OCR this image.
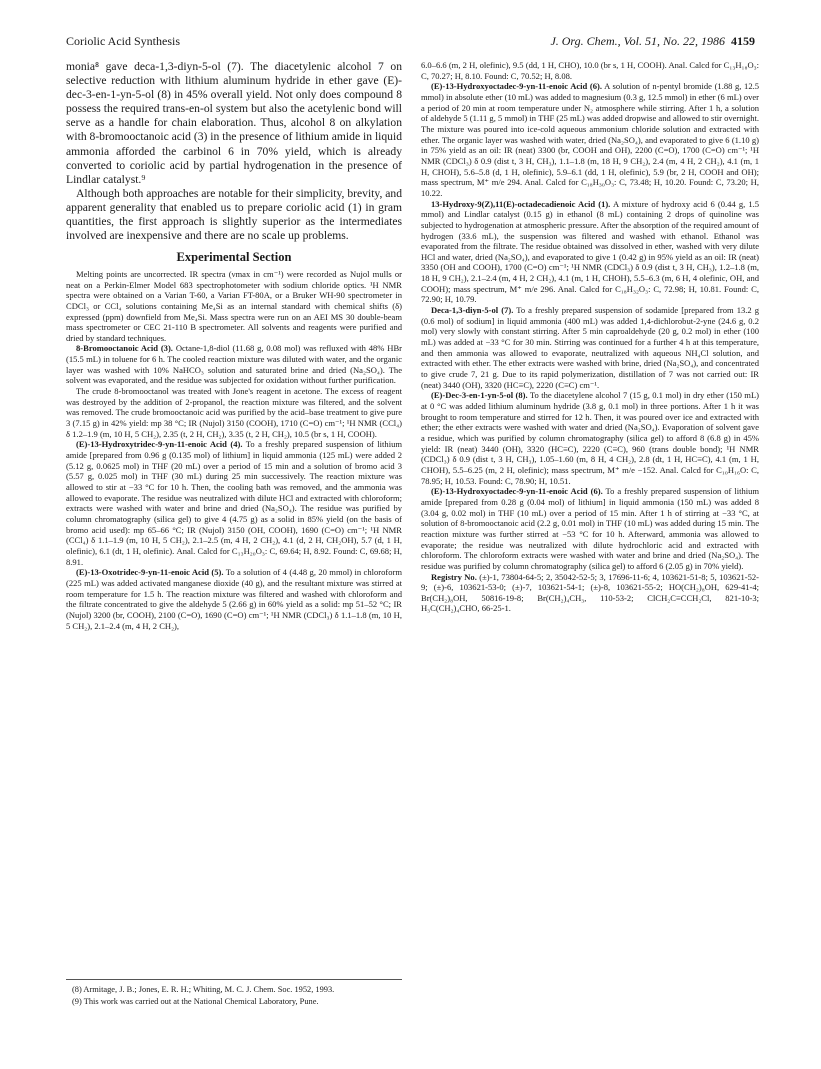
Coriolic Acid Synthesis	J. Org. Chem., Vol. 51, No. 22, 1986 4159

monia⁸ gave deca-1,3-diyn-5-ol (7). The diacetylenic alcohol 7 on selective reduction with lithium aluminum hydride in ether gave (E)-dec-3-en-1-yn-5-ol (8) in 45% overall yield. Not only does compound 8 possess the required trans-en-ol system but also the acetylenic bond will serve as a handle for chain elaboration. Thus, alcohol 8 on alkylation with 8-bromooctanoic acid (3) in the presence of lithium amide in liquid ammonia afforded the carbinol 6 in 70% yield, which is already converted to coriolic acid by partial hydrogenation in the presence of Lindlar catalyst.⁹

Although both approaches are notable for their simplicity, brevity, and apparent generality that enabled us to prepare coriolic acid (1) in gram quantities, the first approach is slightly superior as the intermediates involved are inexpensive and there are no scale up problems.

Experimental Section

Melting points are uncorrected. IR spectra (νmax in cm⁻¹) were recorded as Nujol mulls or neat on a Perkin-Elmer Model 683 spectrophotometer with sodium chloride optics. ¹H NMR spectra were obtained on a Varian T-60, a Varian FT-80A, or a Bruker WH-90 spectrometer in CDCl₃ or CCl₄ solutions containing Me₄Si as an internal standard with chemical shifts (δ) expressed (ppm) downfield from Me₄Si. Mass spectra were run on an AEI MS 30 double-beam mass spectrometer or CEC 21-110 B spectrometer. All solvents and reagents were purified and dried by standard techniques.

8-Bromooctanoic Acid (3). Octane-1,8-diol (11.68 g, 0.08 mol) was refluxed with 48% HBr (15.5 mL) in toluene for 6 h. The cooled reaction mixture was diluted with water, and the organic layer was washed with 10% NaHCO₃ solution and saturated brine and dried (Na₂SO₄). The solvent was evaporated, and the residue was subjected for oxidation without further purification.

The crude 8-bromooctanol was treated with Jone's reagent in acetone. The excess of reagent was destroyed by the addition of 2-propanol, the reaction mixture was filtered, and the solvent was removed. The crude bromooctanoic acid was purified by the acid–base treatment to give pure 3 (7.15 g) in 42% yield: mp 38 °C; IR (Nujol) 3150 (COOH), 1710 (C=O) cm⁻¹; ¹H NMR (CCl₄) δ 1.2–1.9 (m, 10 H, 5 CH₂), 2.35 (t, 2 H, CH₂), 3.35 (t, 2 H, CH₂), 10.5 (br s, 1 H, COOH).

(E)-13-Hydroxytridec-9-yn-11-enoic Acid (4). To a freshly prepared suspension of lithium amide [prepared from 0.96 g (0.135 mol) of lithium] in liquid ammonia (125 mL) were added 2 (5.12 g, 0.0625 mol) in THF (20 mL) over a period of 15 min and a solution of bromo acid 3 (5.57 g, 0.025 mol) in THF (30 mL) during 25 min successively. The reaction mixture was allowed to stir at −33 °C for 10 h. Then, the cooling bath was removed, and the ammonia was allowed to evaporate. The residue was neutralized with dilute HCl and extracted with chloroform; extracts were washed with water and brine and dried (Na₂SO₄). The residue was purified by column chromatography (silica gel) to give 4 (4.75 g) as a solid in 85% yield (on the basis of bromo acid used): mp 65–66 °C; IR (Nujol) 3150 (OH, COOH), 1690 (C=O) cm⁻¹; ¹H NMR (CCl₄) δ 1.1–1.9 (m, 10 H, 5 CH₂), 2.1–2.5 (m, 4 H, 2 CH₂), 4.1 (d, 2 H, CH₂OH), 5.7 (d, 1 H, olefinic), 6.1 (dt, 1 H, olefinic). Anal. Calcd for C₁₃H₂₀O₃: C, 69.64; H, 8.92. Found: C, 69.68; H, 8.91.

(E)-13-Oxotridec-9-yn-11-enoic Acid (5). To a solution of 4 (4.48 g, 20 mmol) in chloroform (225 mL) was added activated manganese dioxide (40 g), and the resultant mixture was stirred at room temperature for 1.5 h. The reaction mixture was filtered and washed with chloroform and the filtrate concentrated to give the aldehyde 5 (2.66 g) in 60% yield as a solid: mp 51–52 °C; IR (Nujol) 3200 (br, COOH), 2100 (C=O), 1690 (C=O) cm⁻¹; ¹H NMR (CDCl₃) δ 1.1–1.8 (m, 10 H, 5 CH₂), 2.1–2.4 (m, 4 H, 2 CH₂),

(8) Armitage, J. B.; Jones, E. R. H.; Whiting, M. C. J. Chem. Soc. 1952, 1993.

(9) This work was carried out at the National Chemical Laboratory, Pune.

6.0–6.6 (m, 2 H, olefinic), 9.5 (dd, 1 H, CHO), 10.0 (br s, 1 H, COOH). Anal. Calcd for C₁₃H₁₈O₃: C, 70.27; H, 8.10. Found: C, 70.52; H, 8.08.

(E)-13-Hydroxyoctadec-9-yn-11-enoic Acid (6). A solution of n-pentyl bromide (1.88 g, 12.5 mmol) in absolute ether (10 mL) was added to magnesium (0.3 g, 12.5 mmol) in ether (6 mL) over a period of 20 min at room temperature under N₂ atmosphere while stirring. After 1 h, a solution of aldehyde 5 (1.11 g, 5 mmol) in THF (25 mL) was added dropwise and allowed to stir overnight. The mixture was poured into ice-cold aqueous ammonium chloride solution and extracted with ether. The organic layer was washed with water, dried (Na₂SO₄), and evaporated to give 6 (1.10 g) in 75% yield as an oil: IR (neat) 3300 (br, COOH and OH), 2200 (C=O), 1700 (C=O) cm⁻¹; ¹H NMR (CDCl₃) δ 0.9 (dist t, 3 H, CH₃), 1.1–1.8 (m, 18 H, 9 CH₂), 2.4 (m, 4 H, 2 CH₂), 4.1 (m, 1 H, CHOH), 5.6–5.8 (d, 1 H, olefinic), 5.9–6.1 (dd, 1 H, olefinic), 5.9 (br, 2 H, COOH and OH); mass spectrum, M⁺ m/e 294. Anal. Calcd for C₁₈H₃₀O₃: C, 73.48; H, 10.20. Found: C, 73.20; H, 10.22.

13-Hydroxy-9(Z),11(E)-octadecadienoic Acid (1). A mixture of hydroxy acid 6 (0.44 g, 1.5 mmol) and Lindlar catalyst (0.15 g) in ethanol (8 mL) containing 2 drops of quinoline was subjected to hydrogenation at atmospheric pressure. After the absorption of the required amount of hydrogen (33.6 mL), the suspension was filtered and washed with ethanol. Ethanol was evaporated from the filtrate. The residue obtained was dissolved in ether, washed with very dilute HCl and water, dried (Na₂SO₄), and evaporated to give 1 (0.42 g) in 95% yield as an oil: IR (neat) 3350 (OH and COOH), 1700 (C=O) cm⁻¹; ¹H NMR (CDCl₃) δ 0.9 (dist t, 3 H, CH₃), 1.2–1.8 (m, 18 H, 9 CH₂), 2.1–2.4 (m, 4 H, 2 CH₂), 4.1 (m, 1 H, CHOH), 5.5–6.3 (m, 6 H, 4 olefinic, OH, and COOH); mass spectrum, M⁺ m/e 296. Anal. Calcd for C₁₈H₃₂O₃: C, 72.98; H, 10.81. Found: C, 72.90; H, 10.79.

Deca-1,3-diyn-5-ol (7). To a freshly prepared suspension of sodamide [prepared from 13.2 g (0.6 mol) of sodium] in liquid ammonia (400 mL) was added 1,4-dichlorobut-2-yne (24.6 g, 0.2 mol) very slowly with constant stirring. After 5 min caproaldehyde (20 g, 0.2 mol) in ether (100 mL) was added at −33 °C for 30 min. Stirring was continued for a further 4 h at this temperature, and then ammonia was allowed to evaporate, neutralized with aqueous NH₄Cl solution, and extracted with ether. The ether extracts were washed with brine, dried (Na₂SO₄), and concentrated to give crude 7, 21 g. Due to its rapid polymerization, distillation of 7 was not carried out: IR (neat) 3440 (OH), 3320 (HC≡C), 2220 (C≡C) cm⁻¹.

(E)-Dec-3-en-1-yn-5-ol (8). To the diacetylene alcohol 7 (15 g, 0.1 mol) in dry ether (150 mL) at 0 °C was added lithium aluminum hydride (3.8 g, 0.1 mol) in three portions. After 1 h it was brought to room temperature and stirred for 12 h. Then, it was poured over ice and extracted with ether; the ether extracts were washed with water and dried (Na₂SO₄). Evaporation of solvent gave a residue, which was purified by column chromatography (silica gel) to afford 8 (6.8 g) in 45% yield: IR (neat) 3440 (OH), 3320 (HC≡C), 2220 (C≡C), 960 (trans double bond); ¹H NMR (CDCl₃) δ 0.9 (dist t, 3 H, CH₃), 1.05–1.60 (m, 8 H, 4 CH₂), 2.8 (dt, 1 H, HC≡C), 4.1 (m, 1 H, CHOH), 5.5–6.25 (m, 2 H, olefinic); mass spectrum, M⁺ m/e −152. Anal. Calcd for C₁₀H₁₆O: C, 78.95; H, 10.53. Found: C, 78.90; H, 10.51.

(E)-13-Hydroxyoctadec-9-yn-11-enoic Acid (6). To a freshly prepared suspension of lithium amide [prepared from 0.28 g (0.04 mol) of lithium] in liquid ammonia (150 mL) was added 8 (3.04 g, 0.02 mol) in THF (10 mL) over a period of 15 min. After 1 h of stirring at −33 °C, at solution of 8-bromooctanoic acid (2.2 g, 0.01 mol) in THF (10 mL) was added during 15 min. The reaction mixture was further stirred at −53 °C for 10 h. Afterward, ammonia was allowed to evaporate; the residue was neutralized with dilute hydrochloric acid and extracted with chloroform. The chloroform extracts were washed with water and brine and dried (Na₂SO₄). The residue was purified by column chromatography (silica gel) to afford 6 (2.05 g) in 70% yield).

Registry No. (±)-1, 73804-64-5; 2, 35042-52-5; 3, 17696-11-6; 4, 103621-51-8; 5, 103621-52-9; (±)-6, 103621-53-0; (±)-7, 103621-54-1; (±)-8, 103621-55-2; HO(CH₂)₈OH, 629-41-4; Br(CH₂)₈OH, 50816-19-8; Br(CH₂)₄CH₃, 110-53-2; ClCH₂C≡CCH₂Cl, 821-10-3; H₃C(CH₂)₄CHO, 66-25-1.
